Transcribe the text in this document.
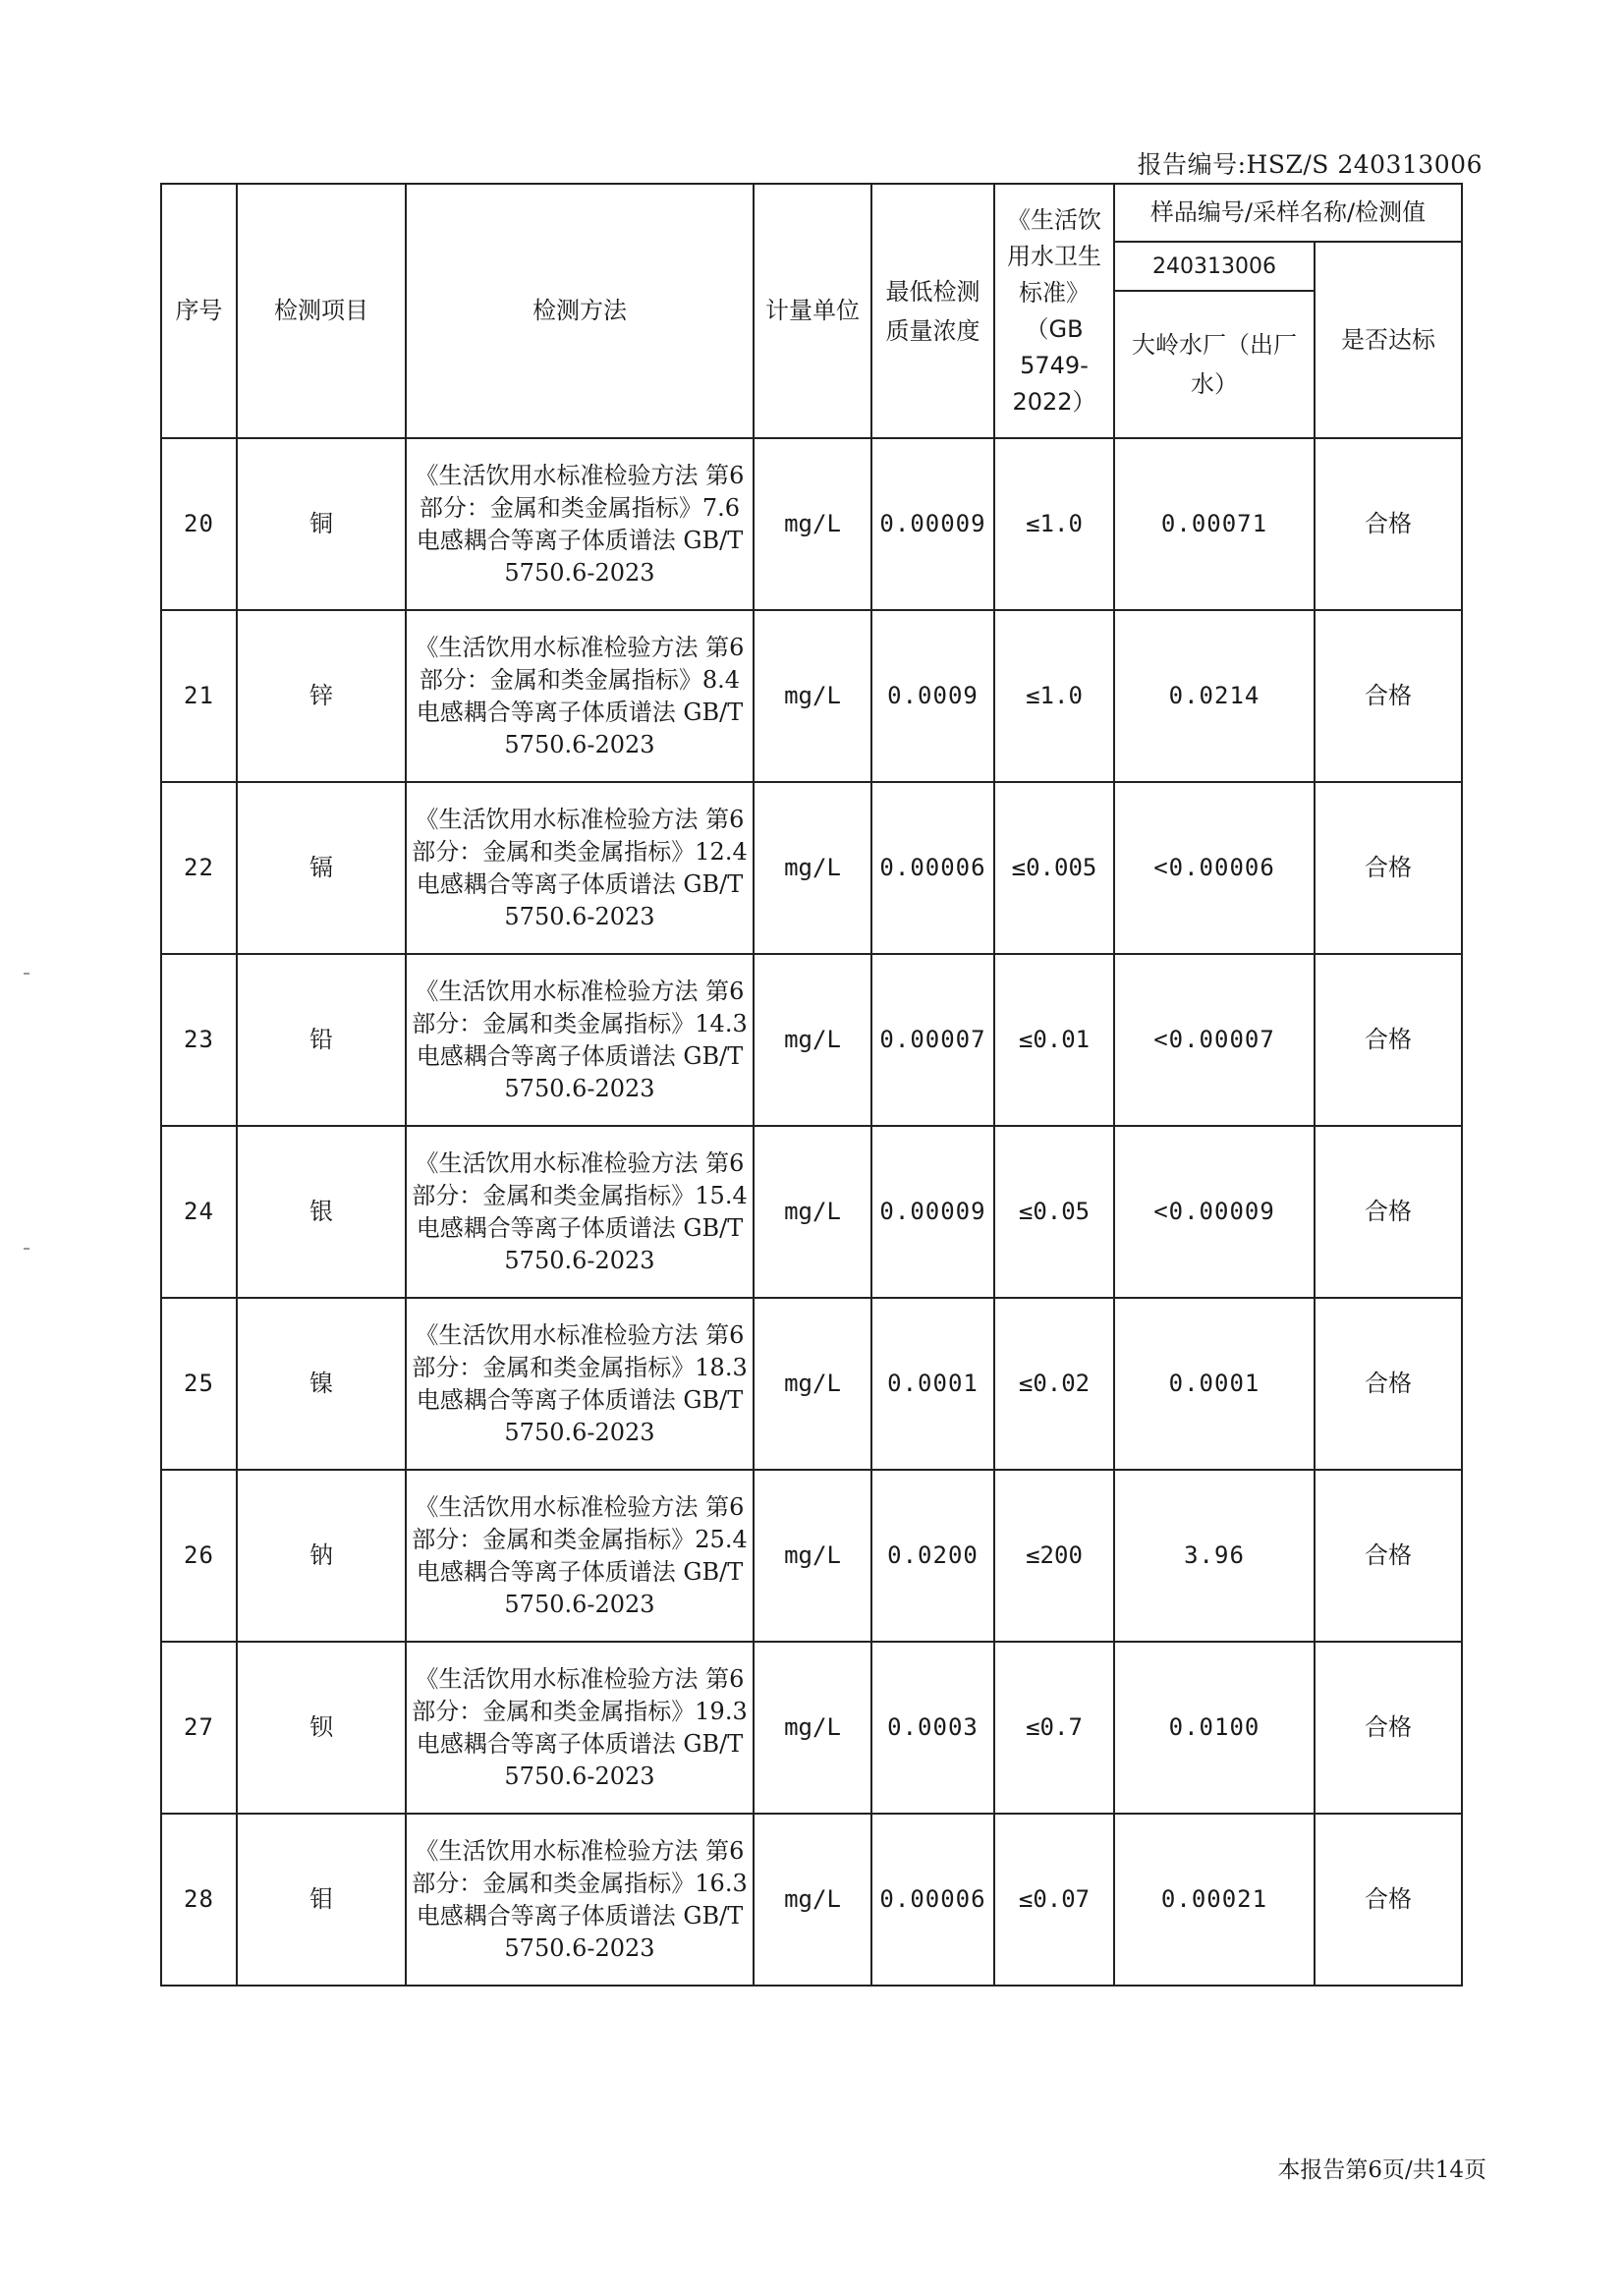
报告编号:HSZ/S 240313006
序号	检测项目	检测方法	计量单位	最低检测质量浓度	《生活饮用水卫生标准》（GB 5749-2022）	样品编号/采样名称/检测值	
						240313006	是否达标
						大岭水厂（出厂水）	
20	铜	《生活饮用水标准检验方法 第6部分：金属和类金属指标》7.6 电感耦合等离子体质谱法 GB/T 5750.6-2023	mg/L	0.00009	≤1.0	0.00071	合格
21	锌	《生活饮用水标准检验方法 第6部分：金属和类金属指标》8.4 电感耦合等离子体质谱法 GB/T 5750.6-2023	mg/L	0.0009	≤1.0	0.0214	合格
22	镉	《生活饮用水标准检验方法 第6部分：金属和类金属指标》12.4 电感耦合等离子体质谱法 GB/T 5750.6-2023	mg/L	0.00006	≤0.005	<0.00006	合格
23	铅	《生活饮用水标准检验方法 第6部分：金属和类金属指标》14.3 电感耦合等离子体质谱法 GB/T 5750.6-2023	mg/L	0.00007	≤0.01	<0.00007	合格
24	银	《生活饮用水标准检验方法 第6部分：金属和类金属指标》15.4 电感耦合等离子体质谱法 GB/T 5750.6-2023	mg/L	0.00009	≤0.05	<0.00009	合格
25	镍	《生活饮用水标准检验方法 第6部分：金属和类金属指标》18.3 电感耦合等离子体质谱法 GB/T 5750.6-2023	mg/L	0.0001	≤0.02	0.0001	合格
26	钠	《生活饮用水标准检验方法 第6部分：金属和类金属指标》25.4 电感耦合等离子体质谱法 GB/T 5750.6-2023	mg/L	0.0200	≤200	3.96	合格
27	钡	《生活饮用水标准检验方法 第6部分：金属和类金属指标》19.3 电感耦合等离子体质谱法 GB/T 5750.6-2023	mg/L	0.0003	≤0.7	0.0100	合格
28	钼	《生活饮用水标准检验方法 第6部分：金属和类金属指标》16.3 电感耦合等离子体质谱法 GB/T 5750.6-2023	mg/L	0.00006	≤0.07	0.00021	合格
本报告第6页/共14页
